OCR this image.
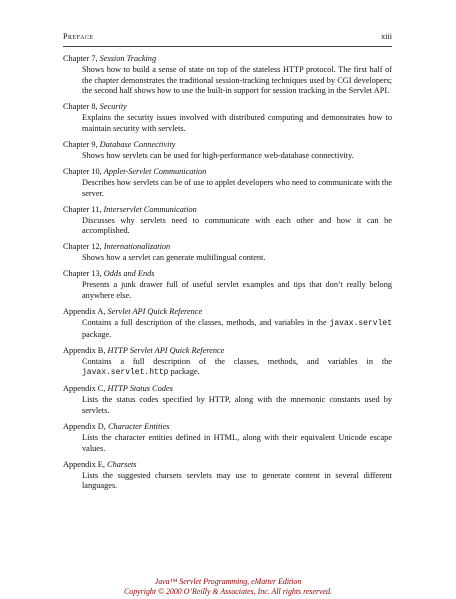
Preface	xiii
Chapter 7, Session Tracking
Shows how to build a sense of state on top of the stateless HTTP protocol. The first half of the chapter demonstrates the traditional session-tracking techniques used by CGI developers; the second half shows how to use the built-in support for session tracking in the Servlet API.
Chapter 8, Security
Explains the security issues involved with distributed computing and demonstrates how to maintain security with servlets.
Chapter 9, Database Connectivity
Shows how servlets can be used for high-performance web-database connectivity.
Chapter 10, Applet-Servlet Communication
Describes how servlets can be of use to applet developers who need to communicate with the server.
Chapter 11, Interservlet Communication
Discusses why servlets need to communicate with each other and how it can be accomplished.
Chapter 12, Internationalization
Shows how a servlet can generate multilingual content.
Chapter 13, Odds and Ends
Presents a junk drawer full of useful servlet examples and tips that don’t really belong anywhere else.
Appendix A, Servlet API Quick Reference
Contains a full description of the classes, methods, and variables in the javax.servlet package.
Appendix B, HTTP Servlet API Quick Reference
Contains a full description of the classes, methods, and variables in the javax.servlet.http package.
Appendix C, HTTP Status Codes
Lists the status codes specified by HTTP, along with the mnemonic constants used by servlets.
Appendix D, Character Entities
Lists the character entities defined in HTML, along with their equivalent Unicode escape values.
Appendix E, Charsets
Lists the suggested charsets servlets may use to generate content in several different languages.
Java™ Servlet Programming, eMatter Edition
Copyright © 2000 O’Reilly & Associates, Inc. All rights reserved.
